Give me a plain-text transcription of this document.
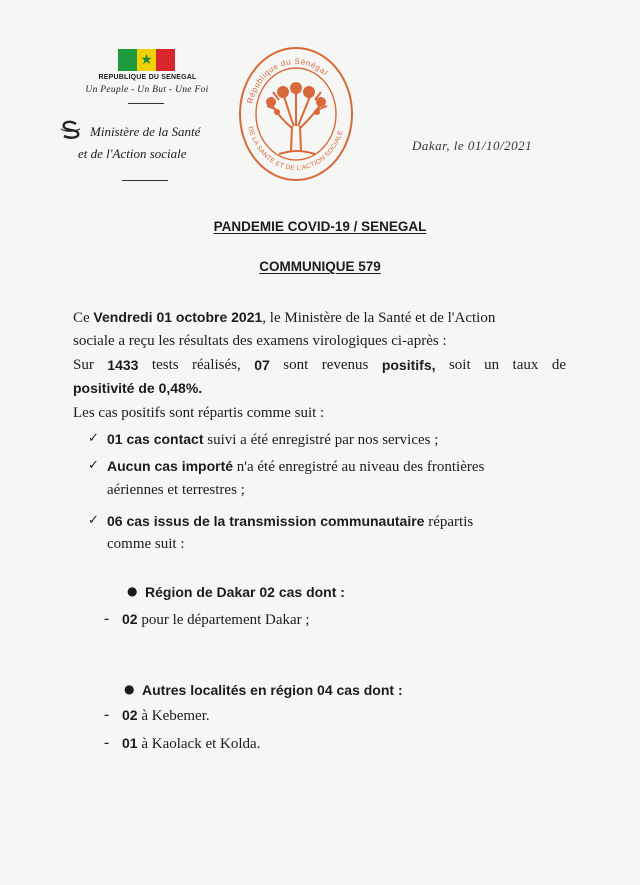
★
REPUBLIQUE DU SENEGAL
Un Peuple - Un But - Une Foi
Ministère de la Santé
et de l'Action sociale
République du Sénégal
DE LA SANTE ET DE L'ACTION SOCIALE
Dakar, le 01/10/2021
PANDEMIE COVID-19 / SENEGAL
COMMUNIQUE 579
Ce Vendredi 01 octobre 2021, le Ministère de la Santé et de l'Action
sociale a reçu les résultats des examens virologiques ci-après :
Sur 1433 tests réalisés, 07 sont revenus positifs, soit un taux de
positivité de 0,48%.
Les cas positifs sont répartis comme suit :
✓ 01 cas contact suivi a été enregistré par nos services ;
✓ Aucun cas importé n'a été enregistré au niveau des frontières
aériennes et terrestres ;
✓ 06 cas issus de la transmission communautaire répartis
comme suit :
● Région de Dakar 02 cas dont :
- 02 pour le département Dakar ;
● Autres localités en région 04 cas dont :
- 02 à Kebemer.
- 01 à Kaolack et Kolda.
